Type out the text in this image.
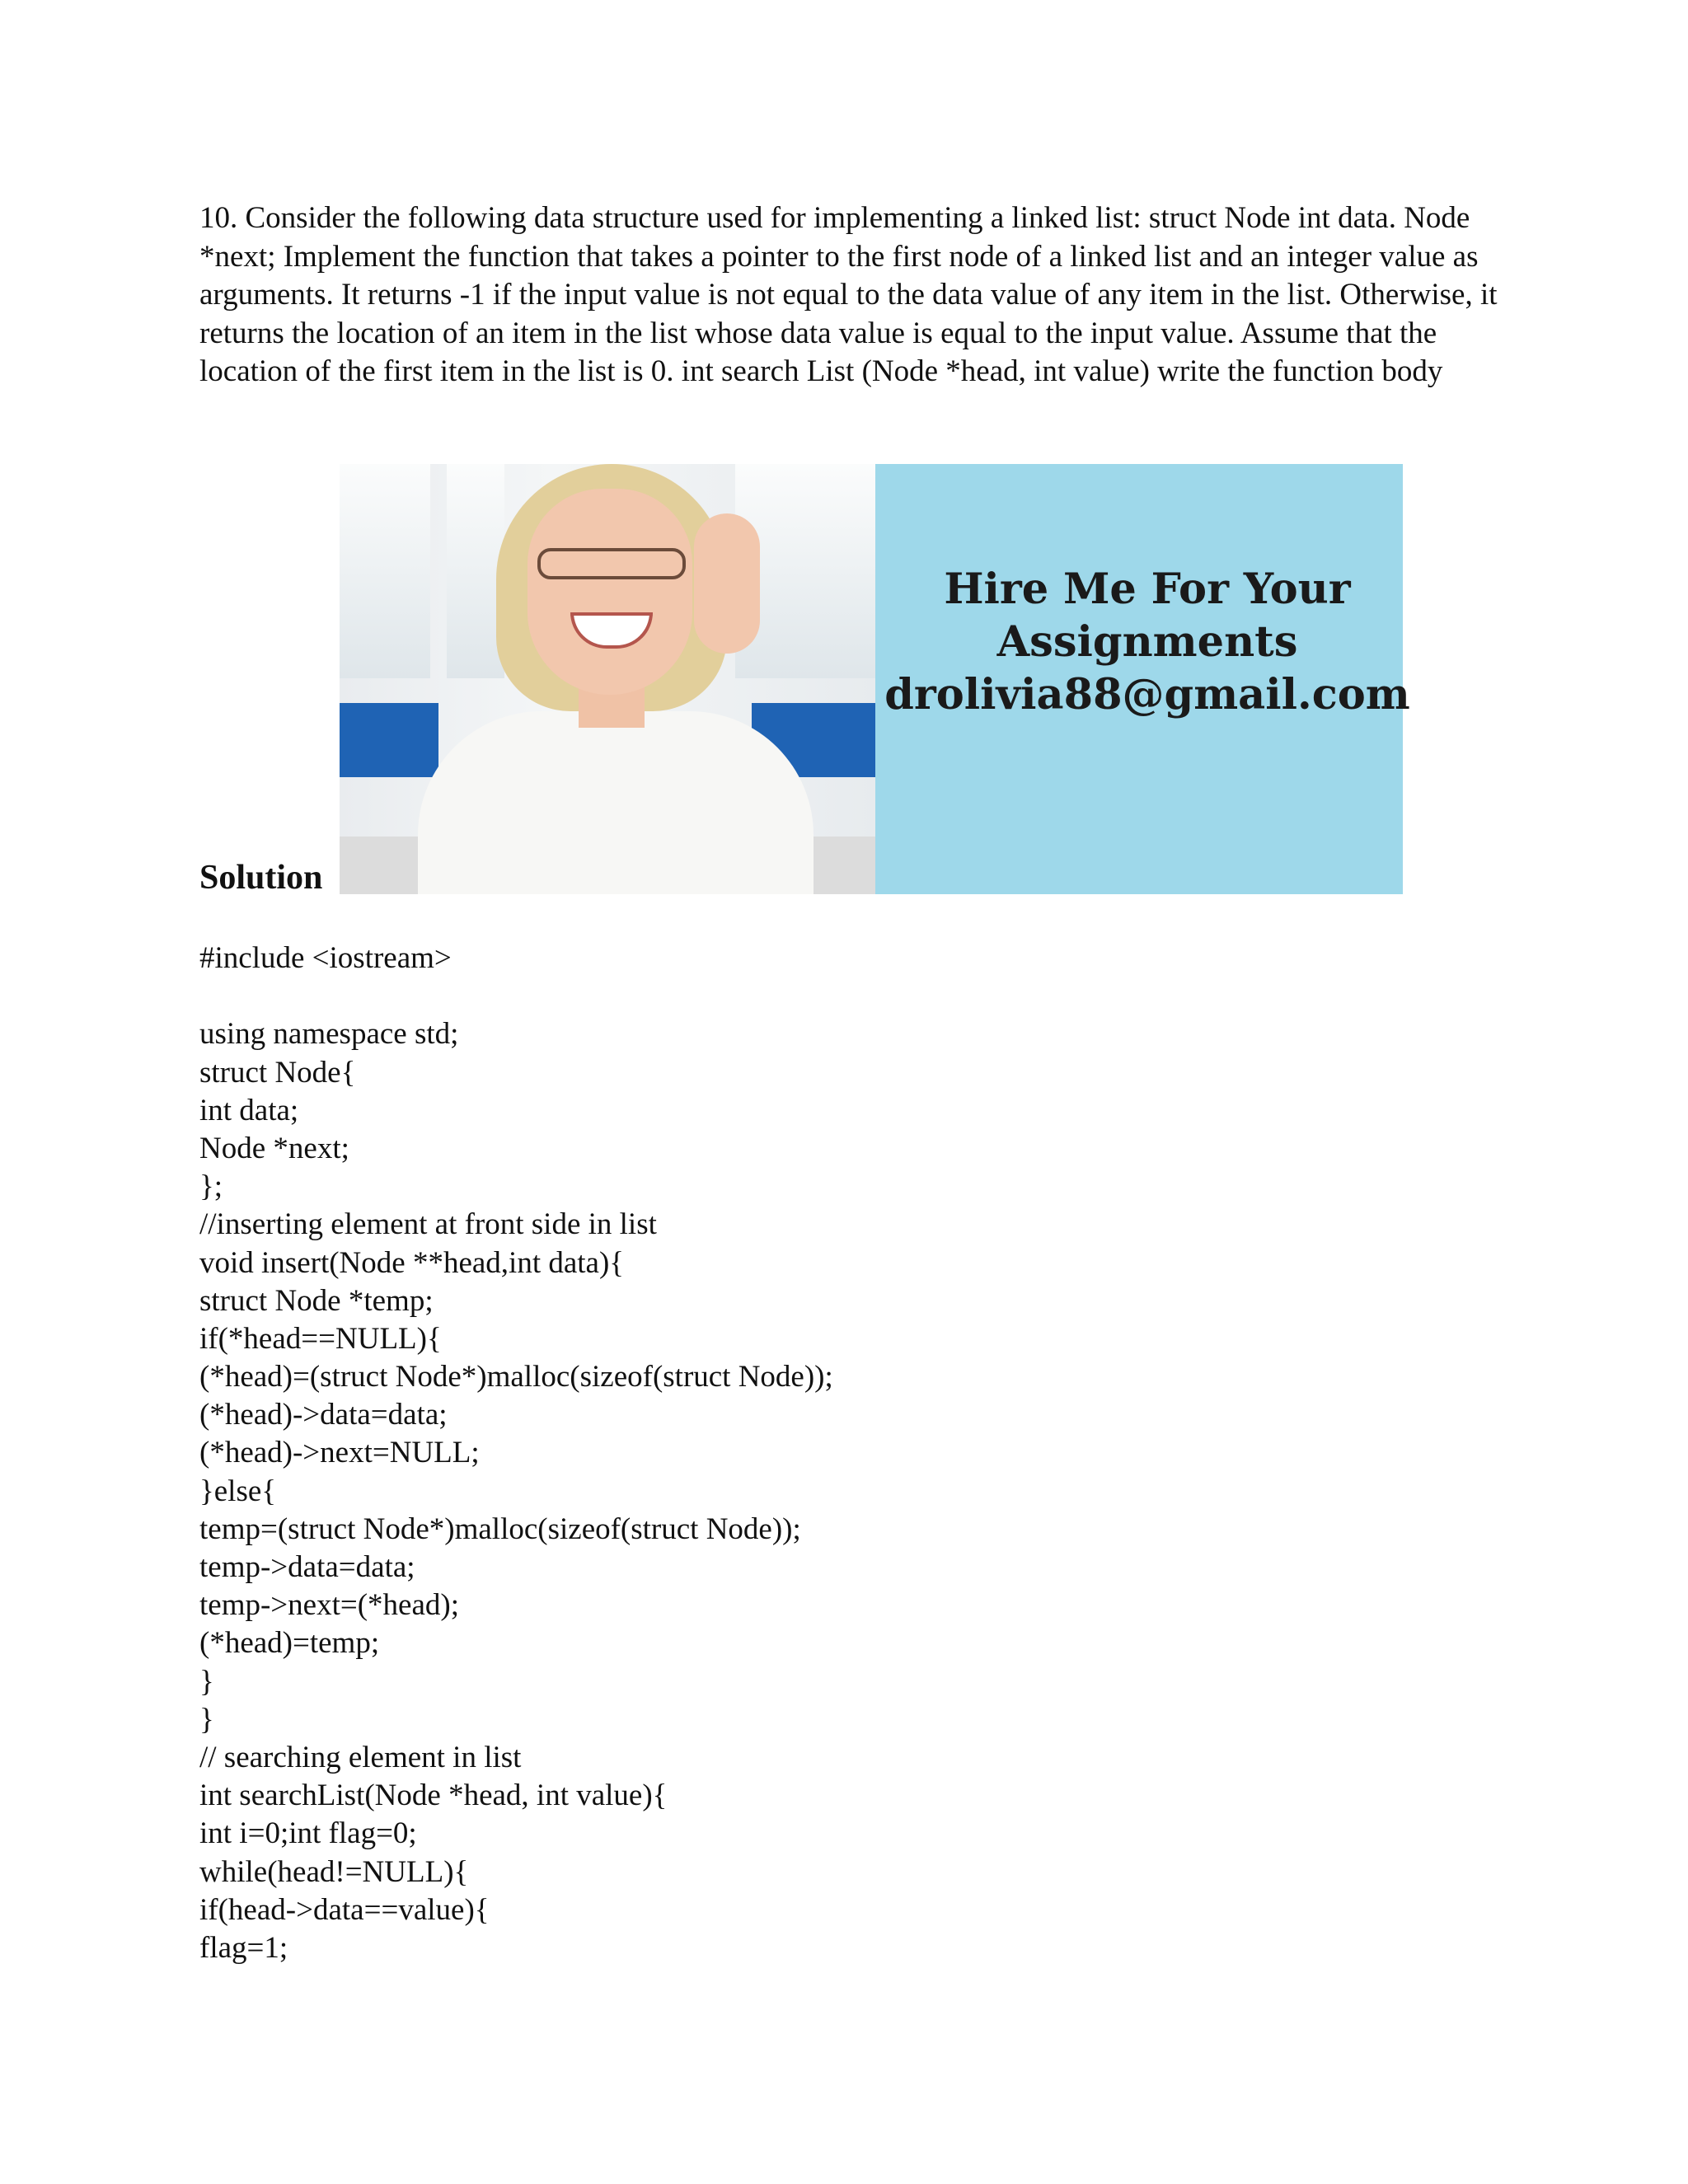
10. Consider the following data structure used for implementing a linked list: struct Node int data. Node *next; Implement the function that takes a pointer to the first node of a linked list and an integer value as arguments. It returns -1 if the input value is not equal to the data value of any item in the list. Otherwise, it returns the location of an item in the list whose data value is equal to the input value. Assume that the location of the first item in the list is 0. int search List (Node *head, int value) write the function body

Hire Me For Your
Assignments
drolivia88@gmail.com
Solution
#include <iostream>
using namespace std;
struct Node{
int data;
Node *next;
};
//inserting element at front side in list
void insert(Node **head,int data){
struct Node *temp;
if(*head==NULL){
(*head)=(struct Node*)malloc(sizeof(struct Node));
(*head)->data=data;
(*head)->next=NULL;
}else{
temp=(struct Node*)malloc(sizeof(struct Node));
temp->data=data;
temp->next=(*head);
(*head)=temp;
}
}
// searching element in list
int searchList(Node *head, int value){
int i=0;int flag=0;
while(head!=NULL){
if(head->data==value){
flag=1;
